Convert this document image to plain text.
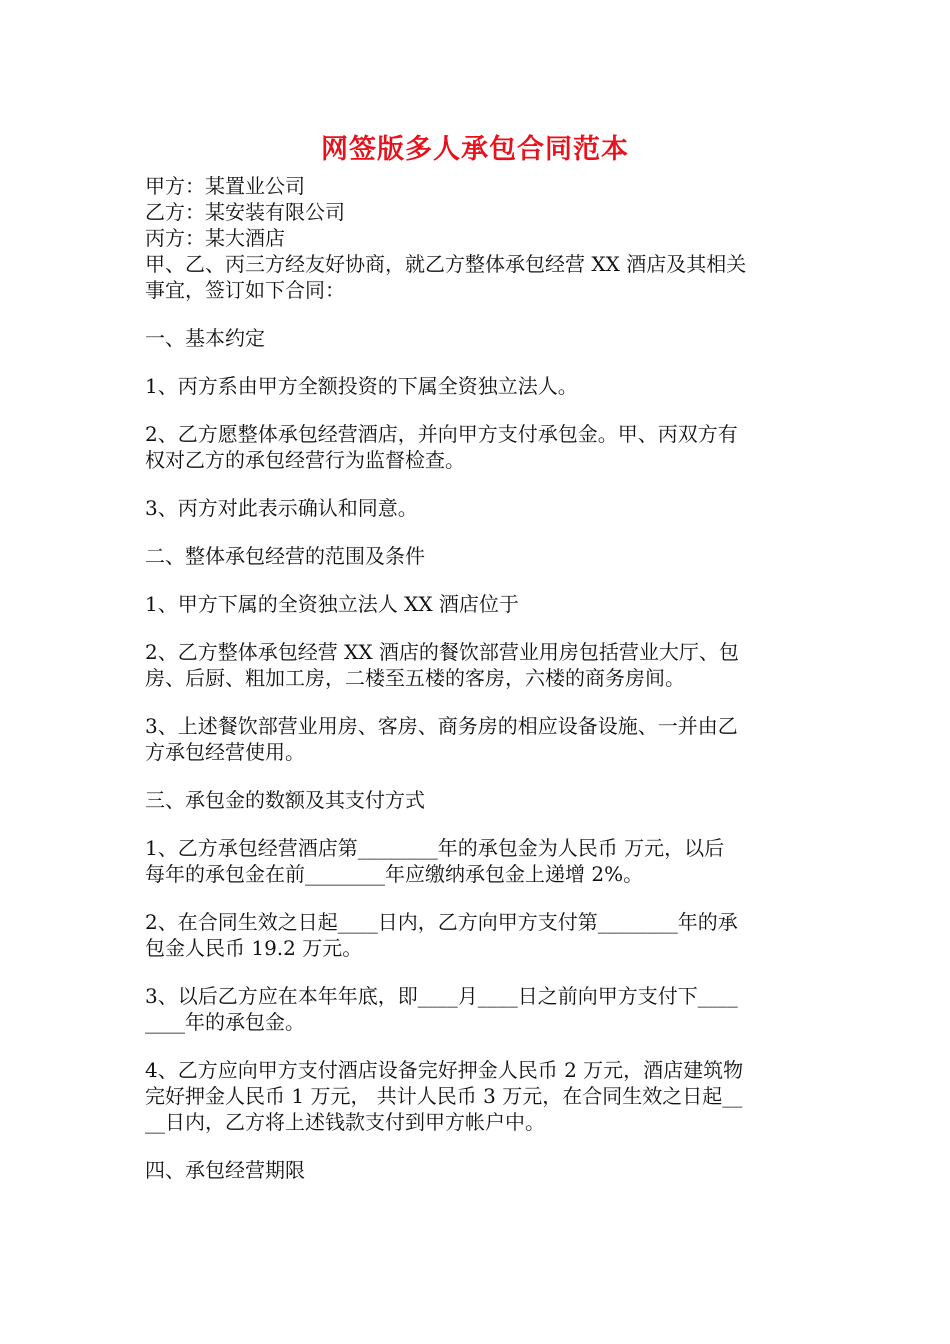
网签版多人承包合同范本
甲方：某置业公司
乙方：某安装有限公司
丙方：某大酒店
甲、乙、丙三方经友好协商，就乙方整体承包经营 XX 酒店及其相关
事宜，签订如下合同：
一、基本约定
1、丙方系由甲方全额投资的下属全资独立法人。
2、乙方愿整体承包经营酒店，并向甲方支付承包金。甲、丙双方有
权对乙方的承包经营行为监督检查。
3、丙方对此表示确认和同意。
二、整体承包经营的范围及条件
1、甲方下属的全资独立法人 XX 酒店位于
2、乙方整体承包经营 XX 酒店的餐饮部营业用房包括营业大厅、包
房、后厨、粗加工房，二楼至五楼的客房，六楼的商务房间。
3、上述餐饮部营业用房、客房、商务房的相应设备设施、一并由乙
方承包经营使用。
三、承包金的数额及其支付方式
1、乙方承包经营酒店第________年的承包金为人民币 万元，以后
每年的承包金在前________年应缴纳承包金上递增 2%。
2、在合同生效之日起____日内，乙方向甲方支付第________年的承
包金人民币 19.2 万元。
3、以后乙方应在本年年底，即____月____日之前向甲方支付下____
____年的承包金。
4、乙方应向甲方支付酒店设备完好押金人民币 2 万元，酒店建筑物
完好押金人民币 1 万元， 共计人民币 3 万元，在合同生效之日起__
__日内，乙方将上述钱款支付到甲方帐户中。
四、承包经营期限
